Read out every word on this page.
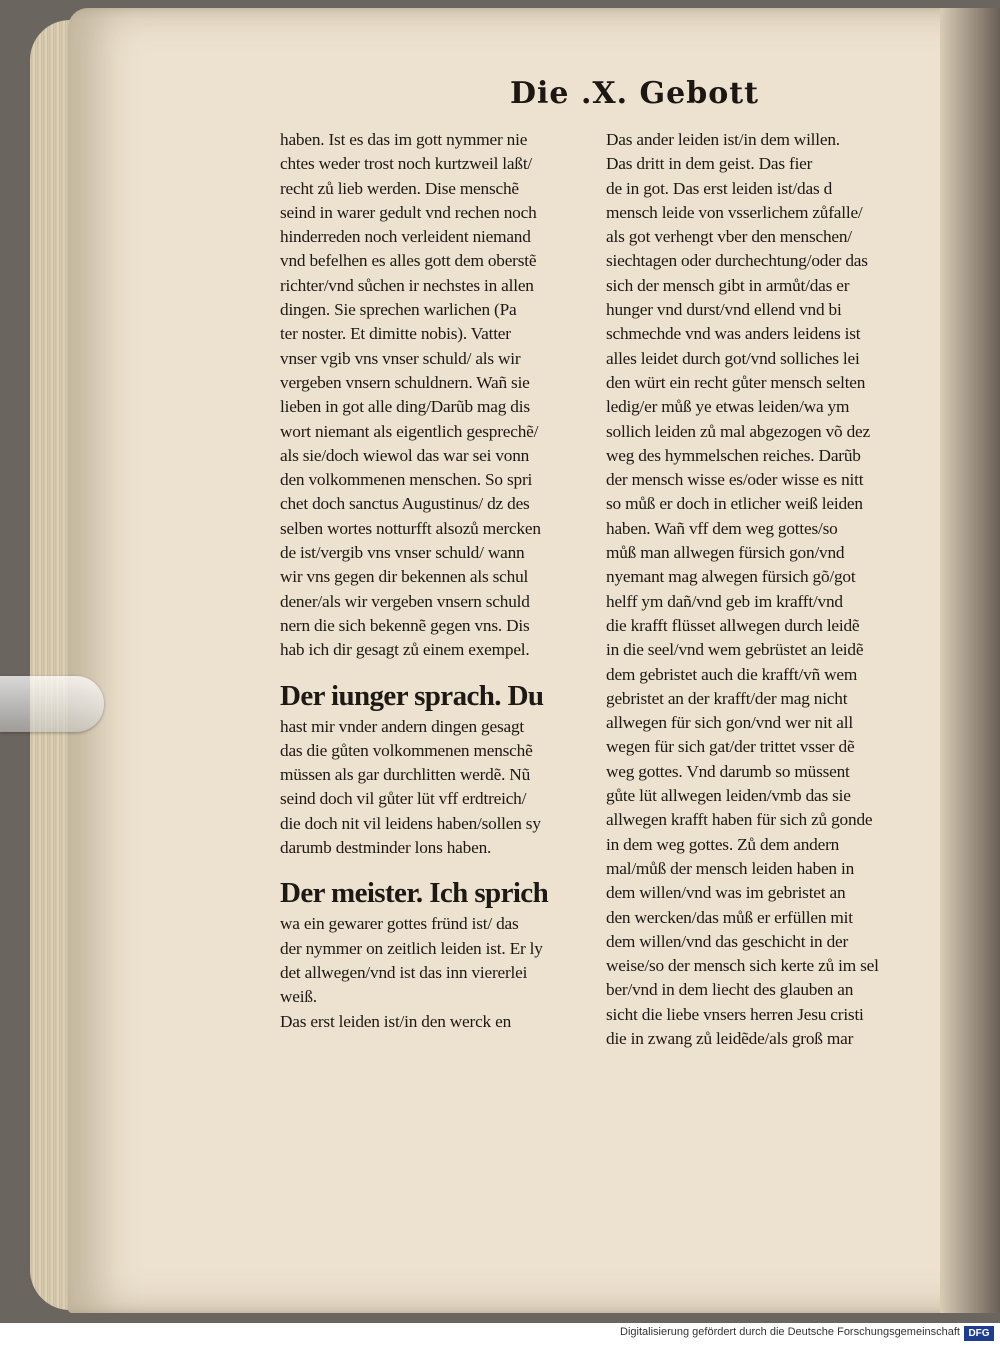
Die .X. Gebott
haben. Ist es das im gott nymmer nie
chtes weder trost noch kurtzweil laßt/
recht zů lieb werden. Dise menschẽ
seind in warer gedult vnd rechen noch
hinderreden noch verleident niemand
vnd befelhen es alles gott dem oberstẽ
richter/vnd sůchen ir nechstes in allen
dingen. Sie sprechen warlichen (Pa
ter noster. Et dimitte nobis). Vatter
vnser vgib vns vnser schuld/ als wir
vergeben vnsern schuldnern. Wañ sie
lieben in got alle ding/Darũb mag dis
wort niemant als eigentlich gesprechẽ/
als sie/doch wiewol das war sei vonn
den volkommenen menschen. So spri
chet doch sanctus Augustinus/ dz des
selben wortes notturfft alsozů mercken
de ist/vergib vns vnser schuld/ wann
wir vns gegen dir bekennen als schul
dener/als wir vergeben vnsern schuld
nern die sich bekennẽ gegen vns. Dis
hab ich dir gesagt zů einem exempel.
Der iunger sprach. Du
hast mir vnder andern dingen gesagt
das die gůten volkommenen menschẽ
müssen als gar durchlitten werdẽ. Nũ
seind doch vil gůter lüt vff erdtreich/
die doch nit vil leidens haben/sollen sy
darumb destminder lons haben.
Der meister. Ich sprich
wa ein gewarer gottes fründ ist/ das
der nymmer on zeitlich leiden ist. Er ly
det allwegen/vnd ist das inn viererlei
weiß.
Das erst leiden ist/in den werck en
Das ander leiden ist/in dem willen.
Das dritt in dem geist. Das fier
de in got. Das erst leiden ist/das d
mensch leide von vsserlichem zůfalle/
als got verhengt vber den menschen/
siechtagen oder durchechtung/oder das
sich der mensch gibt in armůt/das er
hunger vnd durst/vnd ellend vnd bi
schmechde vnd was anders leidens ist
alles leidet durch got/vnd solliches lei
den würt ein recht gůter mensch selten
ledig/er můß ye etwas leiden/wa ym
sollich leiden zů mal abgezogen võ dez
weg des hymmelschen reiches. Darũb
der mensch wisse es/oder wisse es nitt
so můß er doch in etlicher weiß leiden
haben. Wañ vff dem weg gottes/so
můß man allwegen fürsich gon/vnd
nyemant mag alwegen fürsich gõ/got
helff ym dañ/vnd geb im krafft/vnd
die krafft flüsset allwegen durch leidẽ
in die seel/vnd wem gebrüstet an leidẽ
dem gebristet auch die krafft/vñ wem
gebristet an der krafft/der mag nicht
allwegen für sich gon/vnd wer nit all
wegen für sich gat/der trittet vsser dẽ
weg gottes. Vnd darumb so müssent
gůte lüt allwegen leiden/vmb das sie
allwegen krafft haben für sich zů gonde
in dem weg gottes. Zů dem andern
mal/můß der mensch leiden haben in
dem willen/vnd was im gebristet an
den wercken/das můß er erfüllen mit
dem willen/vnd das geschicht in der
weise/so der mensch sich kerte zů im sel
ber/vnd in dem liecht des glauben an
sicht die liebe vnsers herren Jesu cristi
die in zwang zů leidẽde/als groß mar
Digitalisierung gefördert durch die Deutsche Forschungsgemeinschaft DFG
